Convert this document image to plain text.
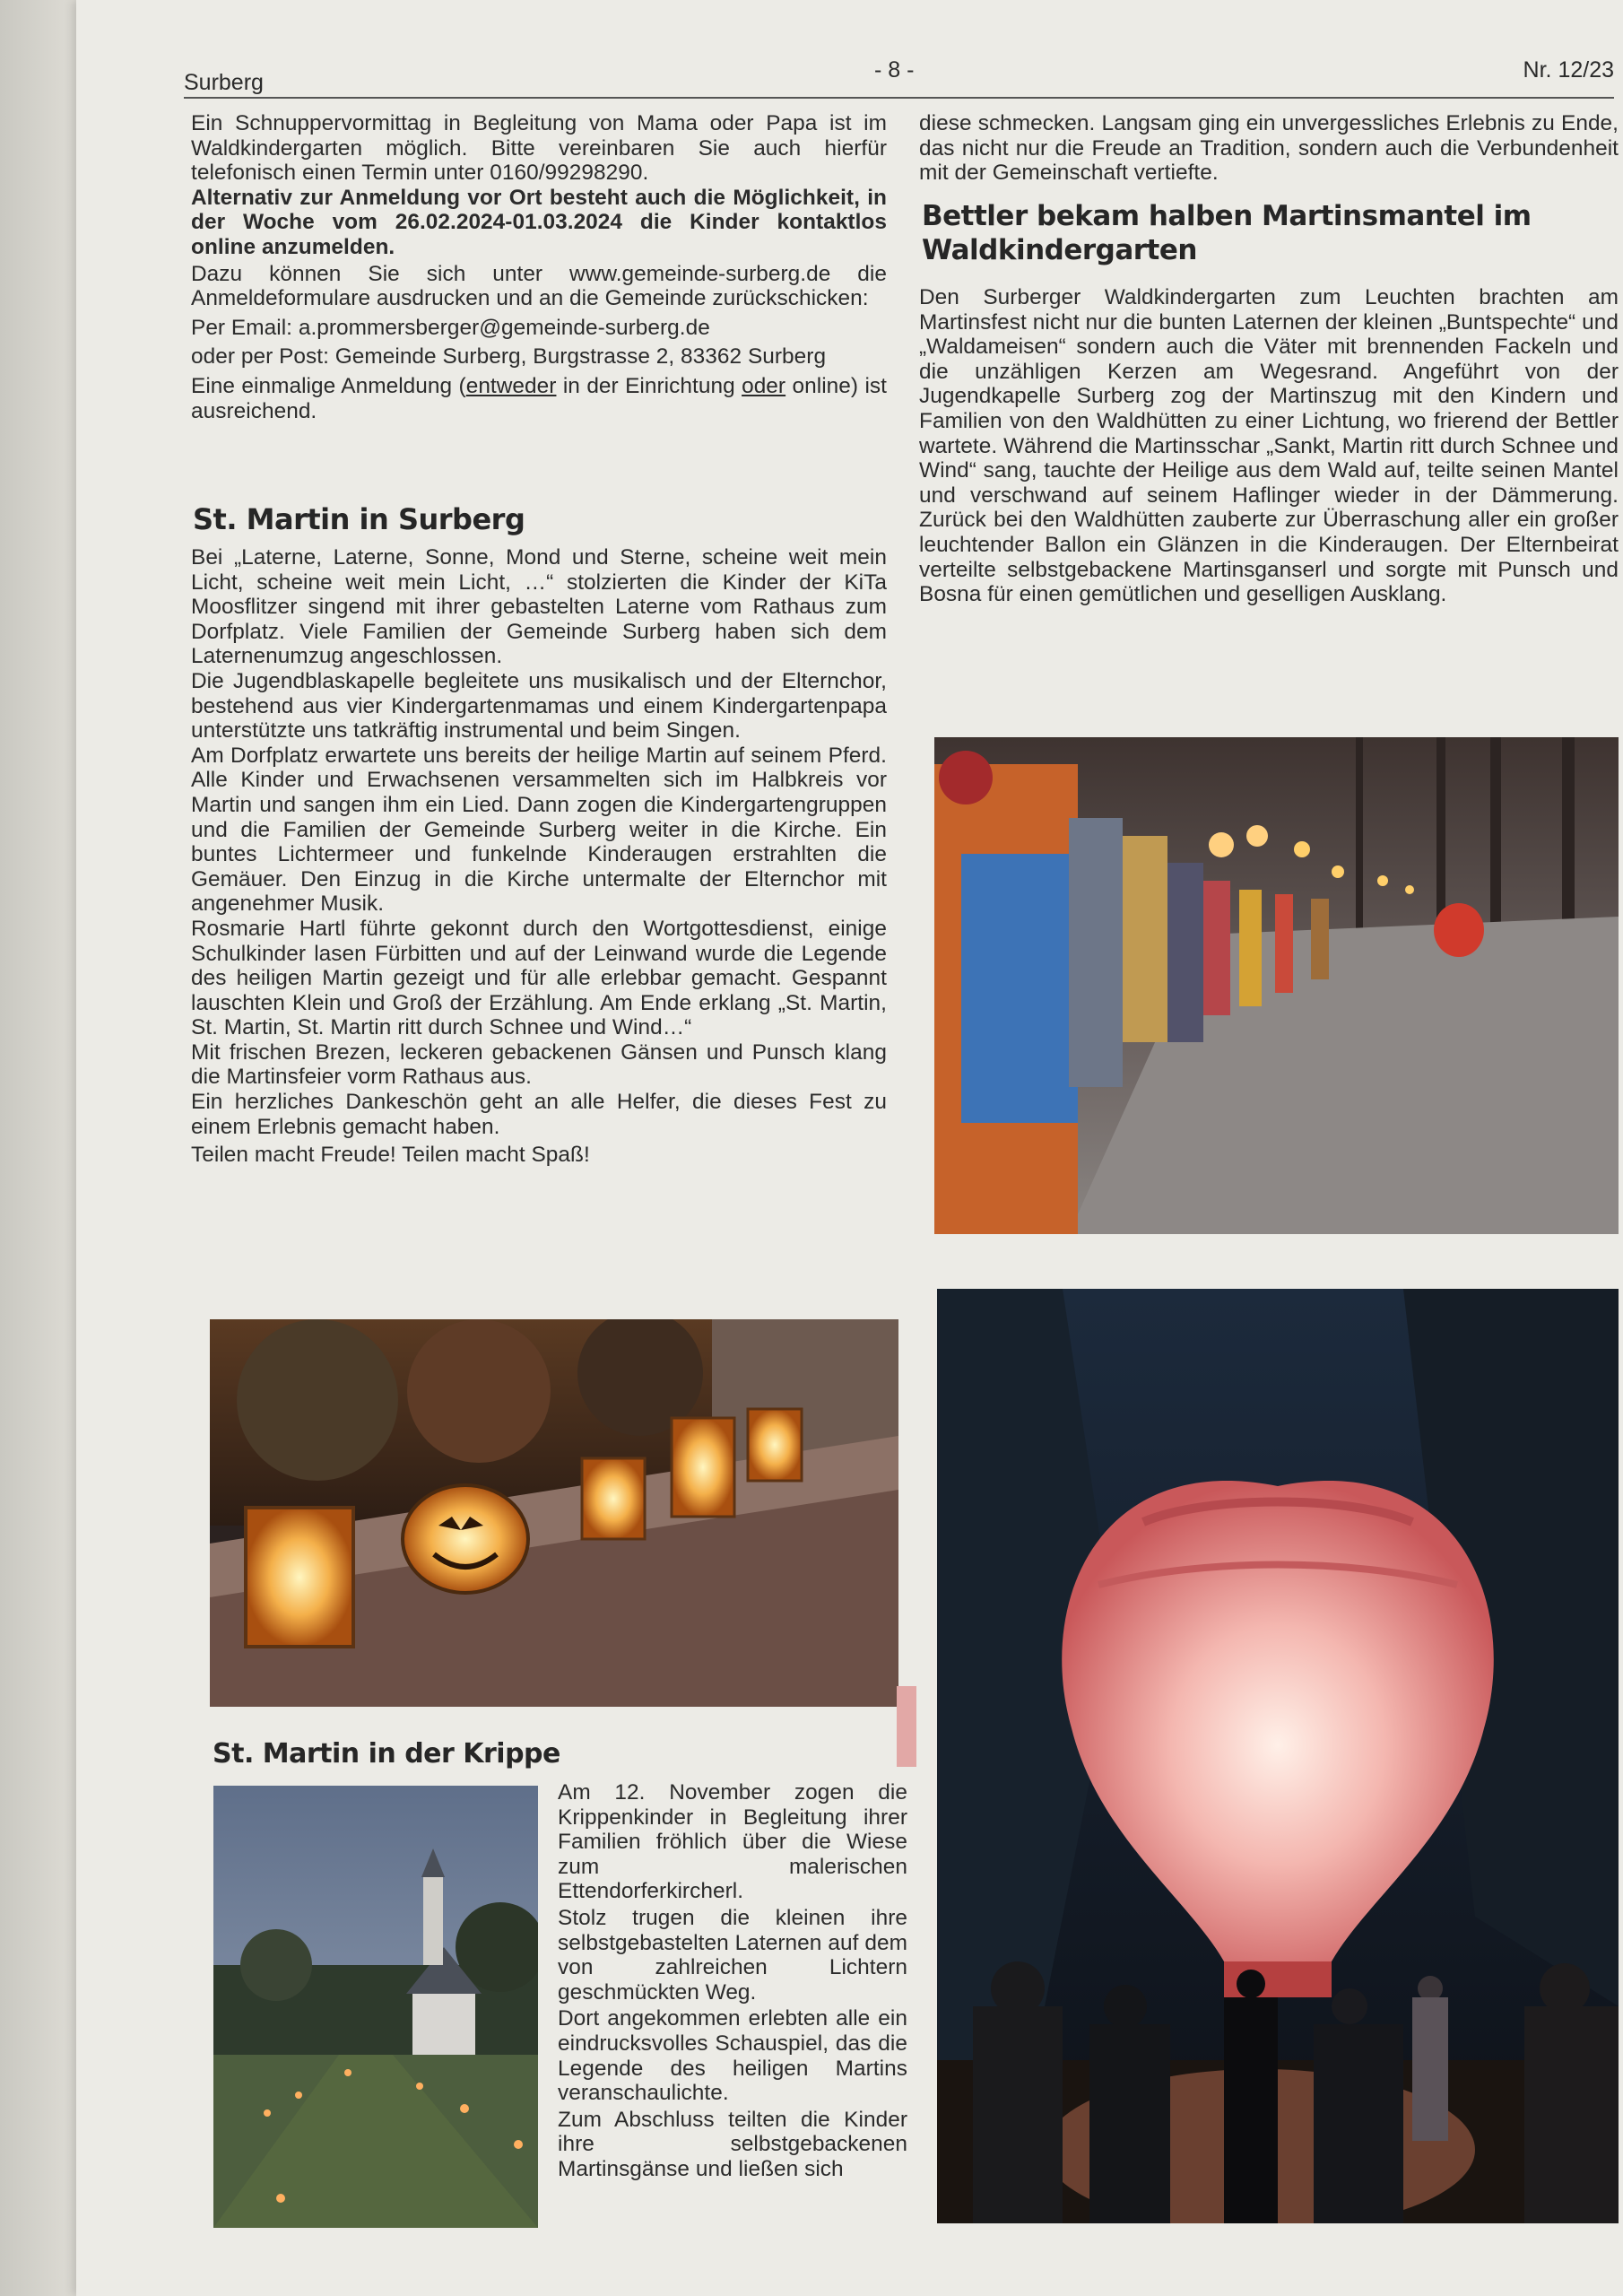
Surberg	- 8 -	Nr. 12/23

Ein Schnuppervormittag in Begleitung von Mama oder Papa ist im Waldkindergarten möglich. Bitte vereinbaren Sie auch hierfür telefonisch einen Termin unter 0160/99298290.

Alternativ zur Anmeldung vor Ort besteht auch die Möglichkeit, in der Woche vom 26.02.2024-01.03.2024 die Kinder kontaktlos online anzumelden.

Dazu können Sie sich unter www.gemeinde-surberg.de die Anmeldeformulare ausdrucken und an die Gemeinde zurückschicken:

Per Email: a.prommersberger@gemeinde-surberg.de

oder per Post: Gemeinde Surberg, Burgstrasse 2, 83362 Surberg

Eine einmalige Anmeldung (entweder in der Einrichtung oder online) ist ausreichend.

St. Martin in Surberg

Bei „Laterne, Laterne, Sonne, Mond und Sterne, scheine weit mein Licht, scheine weit mein Licht, …“ stolzierten die Kinder der KiTa Moosflitzer singend mit ihrer gebastelten Laterne vom Rathaus zum Dorfplatz. Viele Familien der Gemeinde Surberg haben sich dem Laternenumzug angeschlossen.

Die Jugendblaskapelle begleitete uns musikalisch und der Elternchor, bestehend aus vier Kindergartenmamas und einem Kindergartenpapa unterstützte uns tatkräftig instrumental und beim Singen.

Am Dorfplatz erwartete uns bereits der heilige Martin auf seinem Pferd. Alle Kinder und Erwachsenen versammelten sich im Halbkreis vor Martin und sangen ihm ein Lied. Dann zogen die Kindergartengruppen und die Familien der Gemeinde Surberg weiter in die Kirche. Ein buntes Lichtermeer und funkelnde Kinderaugen erstrahlten die Gemäuer. Den Einzug in die Kirche untermalte der Elternchor mit angenehmer Musik.

Rosmarie Hartl führte gekonnt durch den Wortgottesdienst, einige Schulkinder lasen Fürbitten und auf der Leinwand wurde die Legende des heiligen Martin gezeigt und für alle erlebbar gemacht. Gespannt lauschten Klein und Groß der Erzählung. Am Ende erklang „St. Martin, St. Martin, St. Martin ritt durch Schnee und Wind…“

Mit frischen Brezen, leckeren gebackenen Gänsen und Punsch klang die Martinsfeier vorm Rathaus aus.

Ein herzliches Dankeschön geht an alle Helfer, die dieses Fest zu einem Erlebnis gemacht haben.

Teilen macht Freude! Teilen macht Spaß!

St. Martin in der Krippe

Am 12. November zogen die Krippenkinder in Begleitung ihrer Familien fröhlich über die Wiese zum malerischen Ettendorferkircherl.

Stolz trugen die kleinen ihre selbstgebastelten Laternen auf dem von zahlreichen Lichtern geschmückten Weg.

Dort angekommen erlebten alle ein eindrucksvolles Schauspiel, das die Legende des heiligen Martins veranschaulichte.

Zum Abschluss teilten die Kinder ihre selbstgebackenen Martinsgänse und ließen sich

diese schmecken. Langsam ging ein unvergessliches Erlebnis zu Ende, das nicht nur die Freude an Tradition, sondern auch die Verbundenheit mit der Gemeinschaft vertiefte.

Bettler bekam halben Martinsmantel im Waldkindergarten

Den Surberger Waldkindergarten zum Leuchten brachten am Martinsfest nicht nur die bunten Laternen der kleinen „Buntspechte“ und „Waldameisen“ sondern auch die Väter mit brennenden Fackeln und die unzähligen Kerzen am Wegesrand. Angeführt von der Jugendkapelle Surberg zog der Martinszug mit den Kindern und Familien von den Waldhütten zu einer Lichtung, wo frierend der Bettler wartete. Während die Martinsschar „Sankt, Martin ritt durch Schnee und Wind“ sang, tauchte der Heilige aus dem Wald auf, teilte seinen Mantel und verschwand auf seinem Haflinger wieder in der Dämmerung. Zurück bei den Waldhütten zauberte zur Überraschung aller ein großer leuchtender Ballon ein Glänzen in die Kinderaugen. Der Elternbeirat verteilte selbstgebackene Martinsganserl und sorgte mit Punsch und Bosna für einen gemütlichen und geselligen Ausklang.
